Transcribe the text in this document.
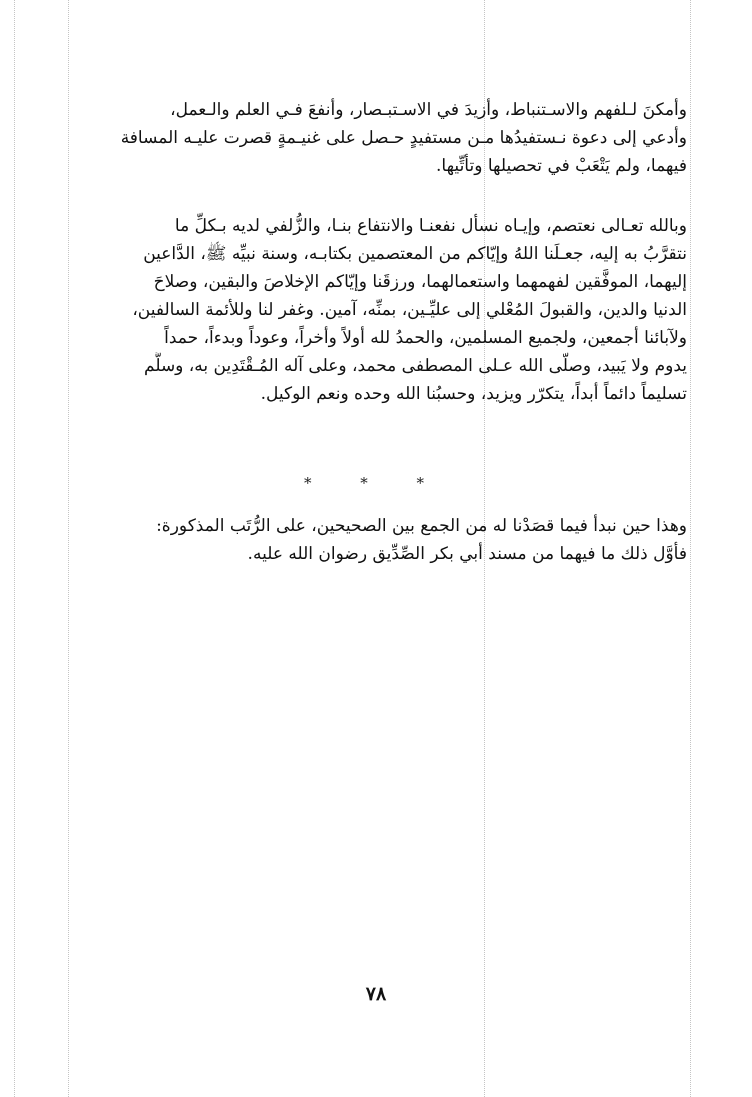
وأمكنَ لـلفهم والاسـتنباط، وأزيدَ في الاسـتبـصار، وأنفعَ فـي العلم والـعمل،
وأدعي إلى دعوة نـستفيدُها مـن مستفيدٍ حـصل على غنيـمةٍ قصرت عليـه المسافة
فيهما، ولم يَتْعَبْ في تحصيلها وتأتِّيها.
وبالله تعـالى نعتصم، وإيـاه نسأل نفعنـا والانتفاع بنـا، والزُّلفي لديه بـكلِّ ما
نتقرَّبُ به إليه، جعـلَنا اللهُ وإيّاكم من المعتصمين بكتابـه، وسنة نبيِّه ﷺ، الدَّاعين
إليهما، الموفَّقين لفهمهما واستعمالهما، ورزقَنا وإيّاكم الإخلاصَ والبقين، وصلاحَ
الدنيا والدين، والقبولَ المُعْلي إلى عليِّـين، بمنِّه، آمين. وغفر لنا وللأئمة السالفين،
ولآبائنا أجمعين، ولجميع المسلمين، والحمدُ لله أولاً وأخراً، وعوداً وبدءاً، حمداً
يدوم ولا يَبيد، وصلّى الله عـلى المصطفى محمد، وعلى آله المُـقْتَدِين به، وسلَّم
تسليماً دائماً أبداً، يتكرّر ويزيد، وحسبُنا الله وحده ونعم الوكيل.
* * *
وهذا حين نبدأ فيما قصَدْنا له من الجمع بين الصحيحين، على الرُّتَب المذكورة:
فأوَّل ذلك ما فيهما من مسند أبي بكر الصِّدِّيق رضوان الله عليه.
٧٨
